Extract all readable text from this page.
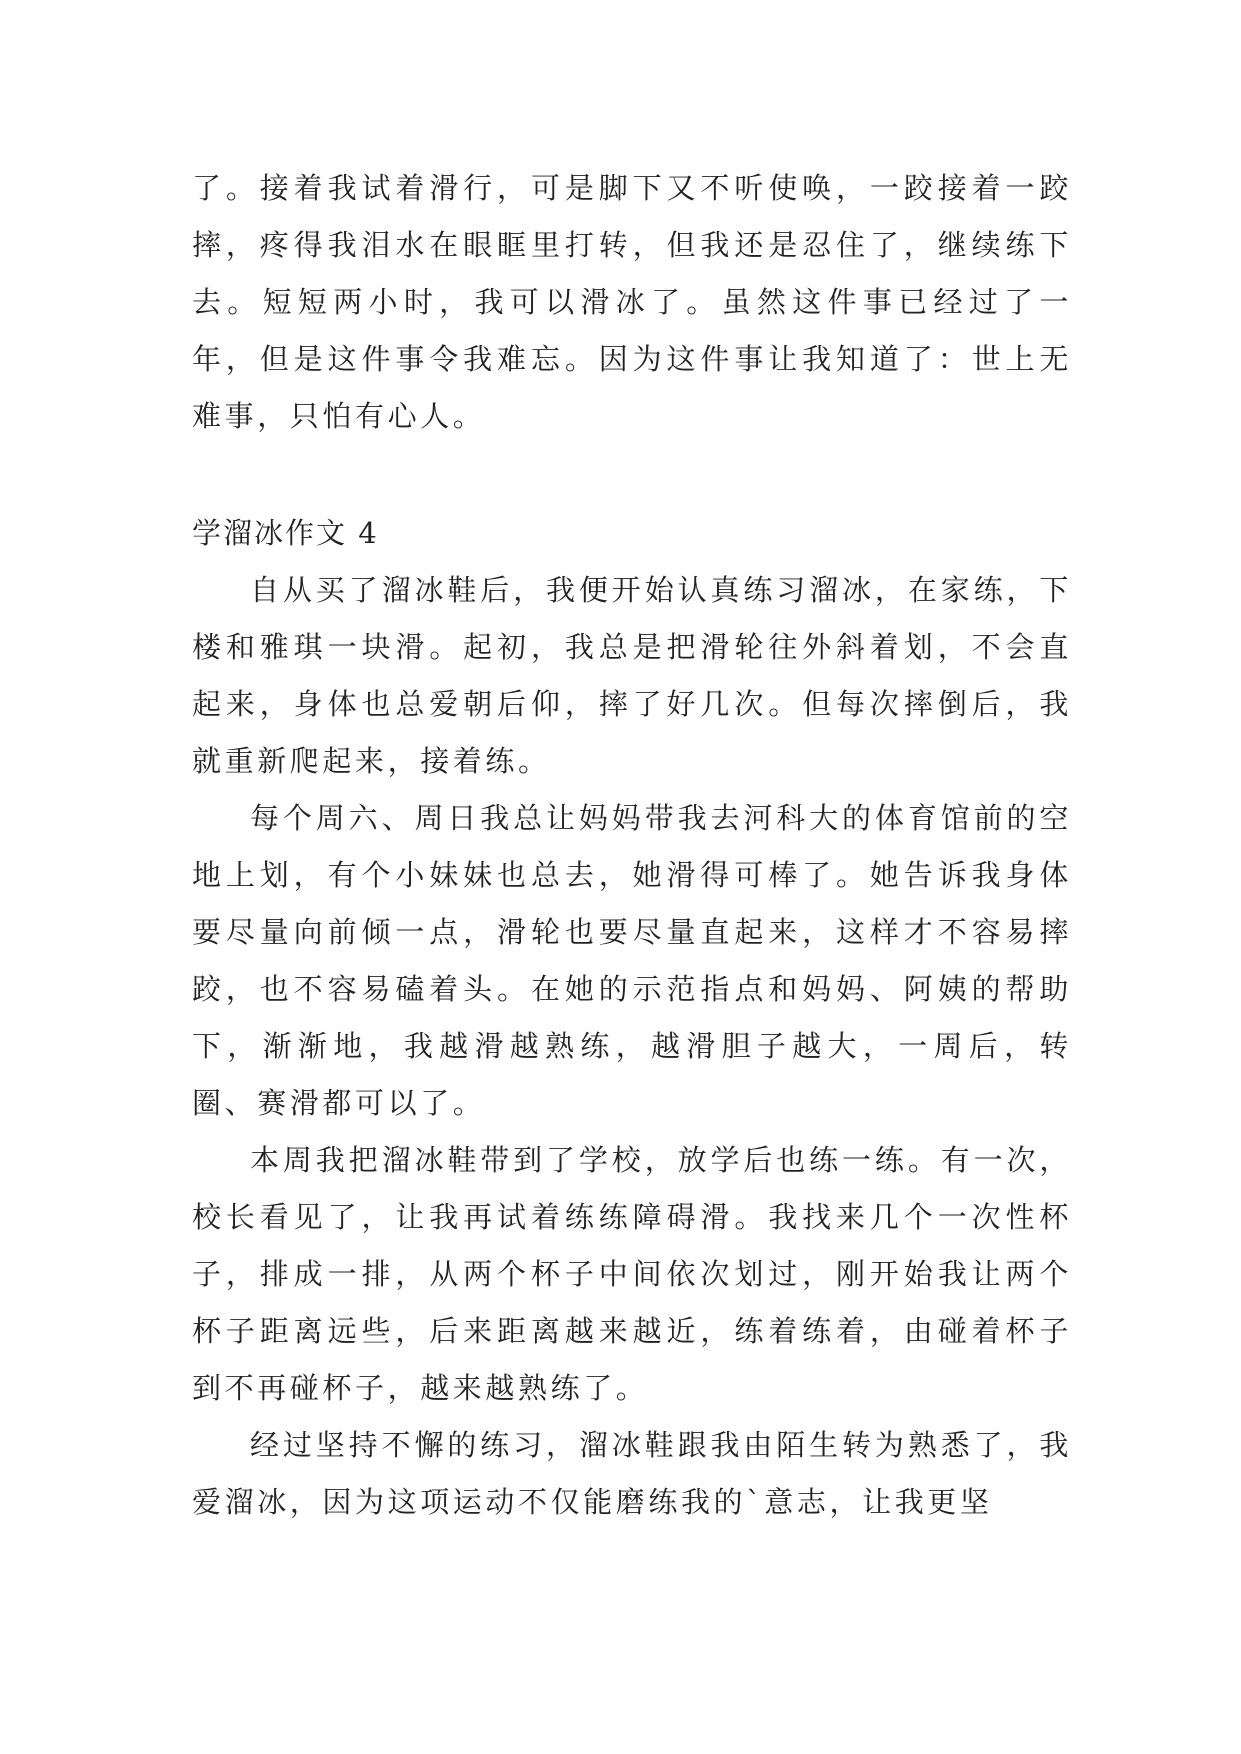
了。接着我试着滑行，可是脚下又不听使唤，一跤接着一跤摔，疼得我泪水在眼眶里打转，但我还是忍住了，继续练下去。短短两小时，我可以滑冰了。虽然这件事已经过了一年，但是这件事令我难忘。因为这件事让我知道了：世上无难事，只怕有心人。

学溜冰作文 4

自从买了溜冰鞋后，我便开始认真练习溜冰，在家练，下楼和雅琪一块滑。起初，我总是把滑轮往外斜着划，不会直起来，身体也总爱朝后仰，摔了好几次。但每次摔倒后，我就重新爬起来，接着练。

每个周六、周日我总让妈妈带我去河科大的体育馆前的空地上划，有个小妹妹也总去，她滑得可棒了。她告诉我身体要尽量向前倾一点，滑轮也要尽量直起来，这样才不容易摔跤，也不容易磕着头。在她的示范指点和妈妈、阿姨的帮助下，渐渐地，我越滑越熟练，越滑胆子越大，一周后，转圈、赛滑都可以了。

本周我把溜冰鞋带到了学校，放学后也练一练。有一次，校长看见了，让我再试着练练障碍滑。我找来几个一次性杯子，排成一排，从两个杯子中间依次划过，刚开始我让两个杯子距离远些，后来距离越来越近，练着练着，由碰着杯子到不再碰杯子，越来越熟练了。

经过坚持不懈的练习，溜冰鞋跟我由陌生转为熟悉了，我爱溜冰，因为这项运动不仅能磨练我的`意志，让我更坚
